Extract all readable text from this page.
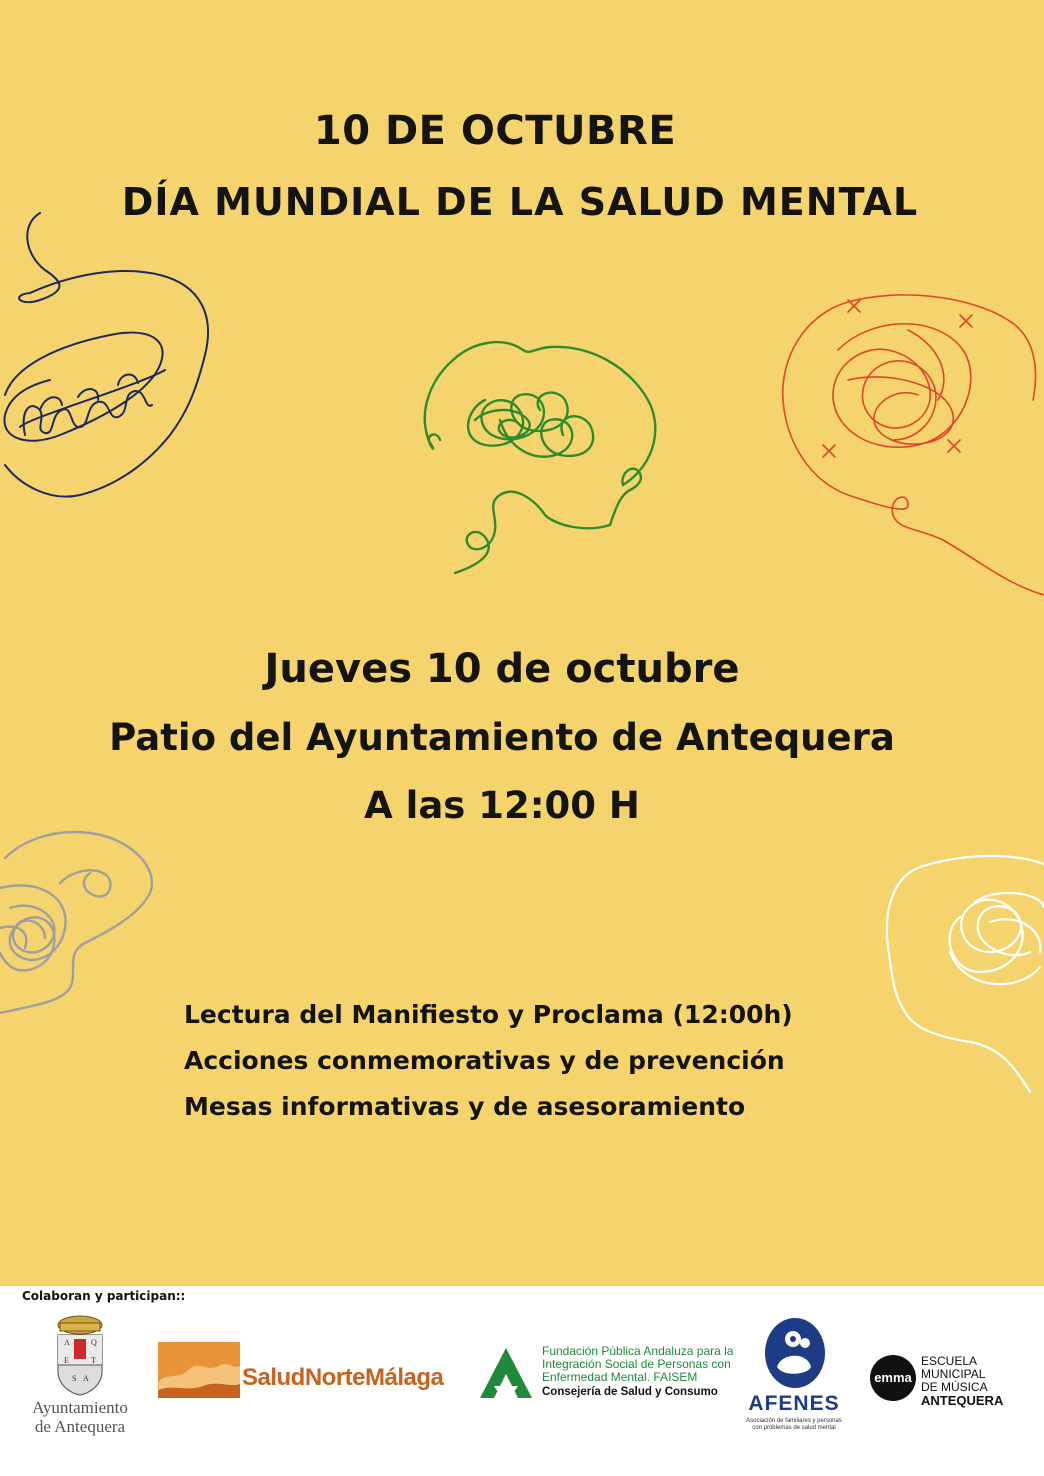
10 DE OCTUBRE
DÍA MUNDIAL DE LA SALUD MENTAL
Jueves 10 de octubre
Patio del Ayuntamiento de Antequera
A las 12:00 H
Lectura del Manifiesto y Proclama (12:00h)
Acciones conmemorativas y de prevención
Mesas informativas y de asesoramiento
Colaboran y participan::
A	Q
E	T
S A
Ayuntamiento
de Antequera
SaludNorteMálaga
Fundación Pública Andaluza para la
Integración Social de Personas con
Enfermedad Mental. FAISEM
Consejería de Salud y Consumo	AFENES
Asociación de familiares y personas
con problemas de salud mental
emma
ESCUELA
MUNICIPAL
DE MÚSICA
ANTEQUERA
